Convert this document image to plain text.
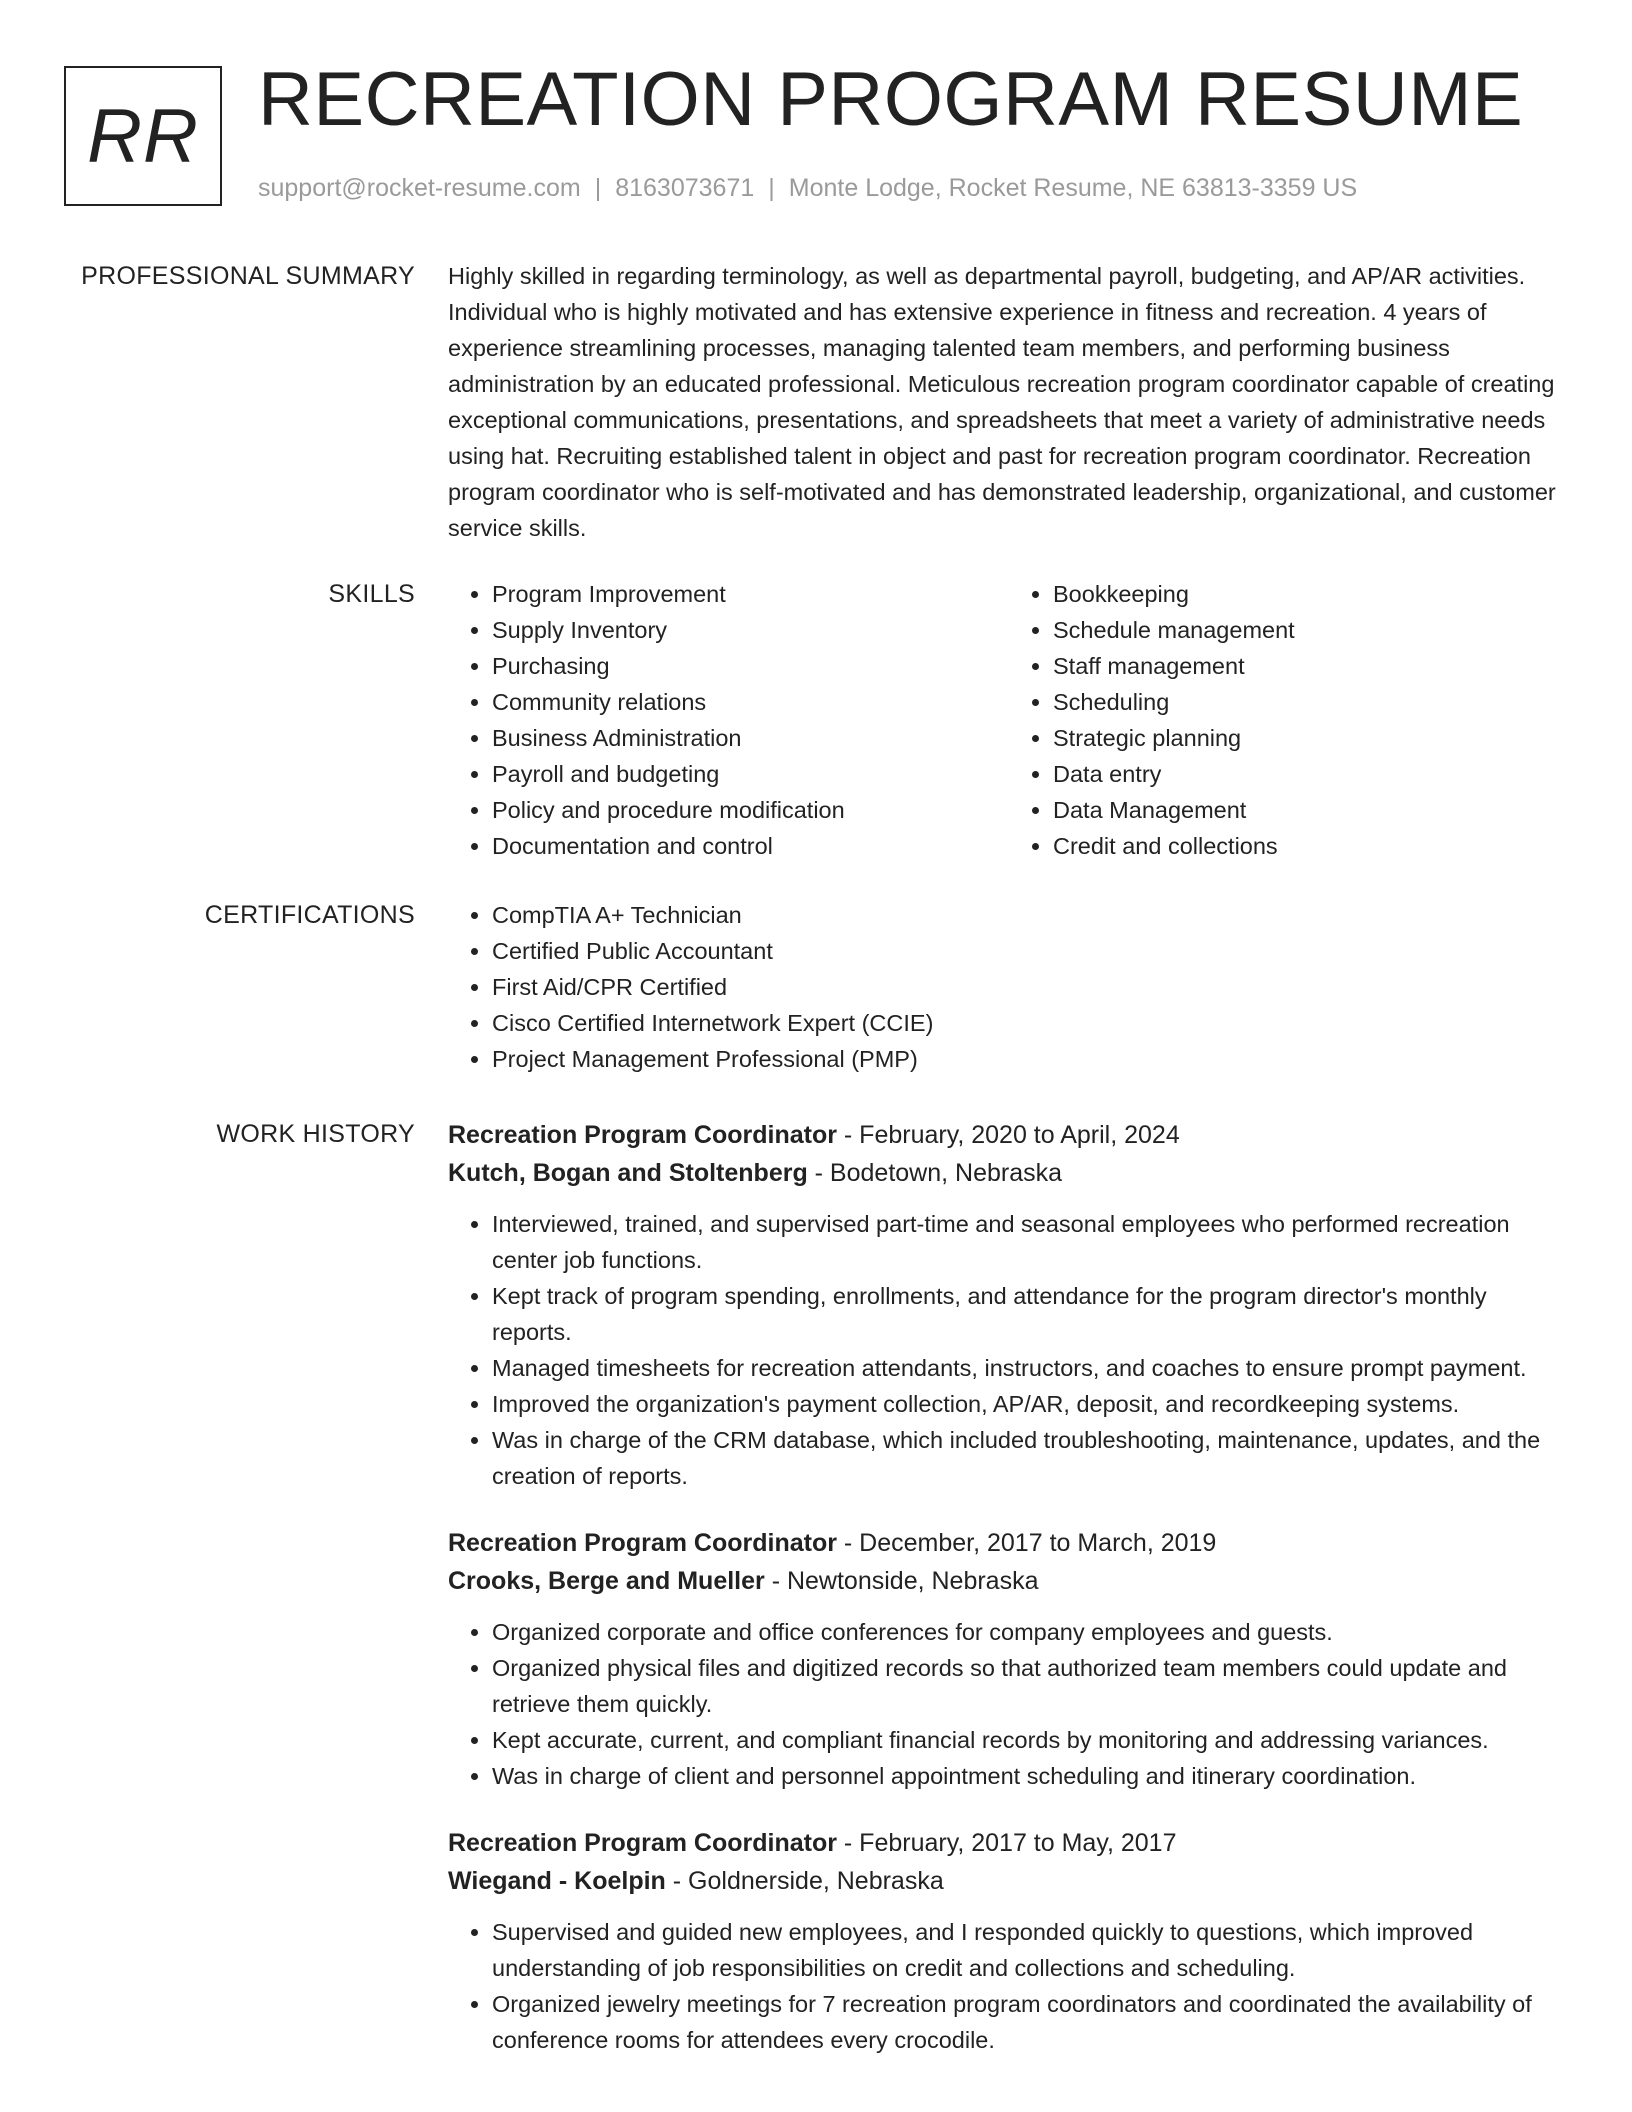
RR RECREATION PROGRAM RESUME
support@rocket-resume.com | 8163073671 | Monte Lodge, Rocket Resume, NE 63813-3359 US
PROFESSIONAL SUMMARY Highly skilled in regarding terminology, as well as departmental payroll, budgeting, and AP/AR activities. Individual who is highly motivated and has extensive experience in fitness and recreation. 4 years of experience streamlining processes, managing talented team members, and performing business administration by an educated professional. Meticulous recreation program coordinator capable of creating exceptional communications, presentations, and spreadsheets that meet a variety of administrative needs using hat. Recruiting established talent in object and past for recreation program coordinator. Recreation program coordinator who is self-motivated and has demonstrated leadership, organizational, and customer service skills.
SKILLS	• Program Improvement
• Supply Inventory
• Purchasing
• Community relations
• Business Administration
• Payroll and budgeting
• Policy and procedure modification
• Documentation and control
• Bookkeeping
• Schedule management
• Staff management
• Scheduling
• Strategic planning
• Data entry
• Data Management
• Credit and collections
CERTIFICATIONS	• CompTIA A+ Technician
• Certified Public Accountant
• First Aid/CPR Certified
• Cisco Certified Internetwork Expert (CCIE)
• Project Management Professional (PMP)
WORK HISTORY Recreation Program Coordinator - February, 2020 to April, 2024
Kutch, Bogan and Stoltenberg - Bodetown, Nebraska
• Interviewed, trained, and supervised part-time and seasonal employees who performed recreation center job functions.
• Kept track of program spending, enrollments, and attendance for the program director's monthly reports.
• Managed timesheets for recreation attendants, instructors, and coaches to ensure prompt payment.
• Improved the organization's payment collection, AP/AR, deposit, and recordkeeping systems.
• Was in charge of the CRM database, which included troubleshooting, maintenance, updates, and the creation of reports.
Recreation Program Coordinator - December, 2017 to March, 2019
Crooks, Berge and Mueller - Newtonside, Nebraska
• Organized corporate and office conferences for company employees and guests.
• Organized physical files and digitized records so that authorized team members could update and retrieve them quickly.
• Kept accurate, current, and compliant financial records by monitoring and addressing variances.
• Was in charge of client and personnel appointment scheduling and itinerary coordination.
Recreation Program Coordinator - February, 2017 to May, 2017
Wiegand - Koelpin - Goldnerside, Nebraska
• Supervised and guided new employees, and I responded quickly to questions, which improved understanding of job responsibilities on credit and collections and scheduling.
• Organized jewelry meetings for 7 recreation program coordinators and coordinated the availability of conference rooms for attendees every crocodile.
